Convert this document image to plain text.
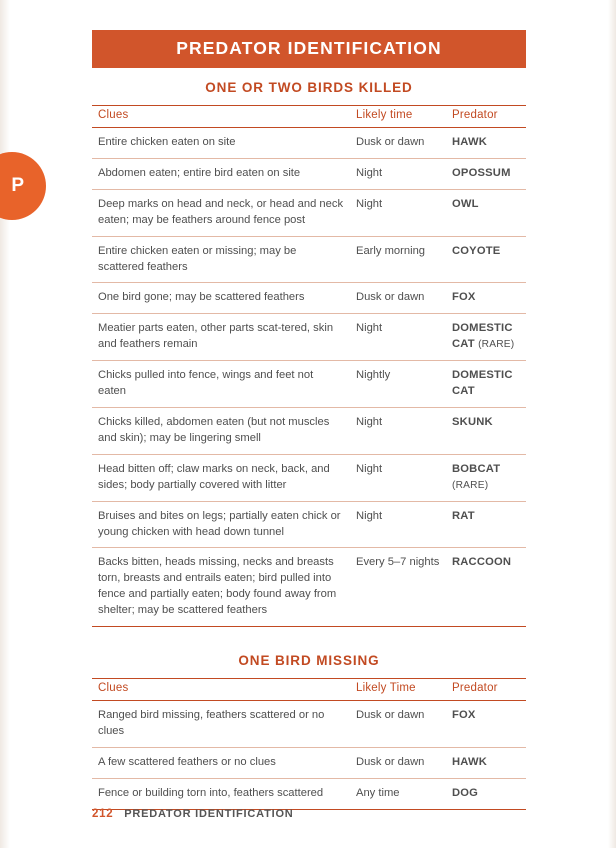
P
PREDATOR IDENTIFICATION
ONE OR TWO BIRDS KILLED
Clues	Likely time	Predator
Entire chicken eaten on site	Dusk or dawn	HAWK
Abdomen eaten; entire bird eaten on site	Night	OPOSSUM
Deep marks on head and neck, or head and neck eaten; may be feathers around fence post	Night	OWL
Entire chicken eaten or missing; may be scattered feathers	Early morning	COYOTE
One bird gone; may be scattered feathers	Dusk or dawn	FOX
Meatier parts eaten, other parts scat-tered, skin and feathers remain	Night	DOMESTIC CAT (RARE)
Chicks pulled into fence, wings and feet not eaten	Nightly	DOMESTIC CAT
Chicks killed, abdomen eaten (but not muscles and skin); may be lingering smell	Night	SKUNK
Head bitten off; claw marks on neck, back, and sides; body partially covered with litter	Night	BOBCAT (RARE)
Bruises and bites on legs; partially eaten chick or young chicken with head down tunnel	Night	RAT
Backs bitten, heads missing, necks and breasts torn, breasts and entrails eaten; bird pulled into fence and partially eaten; body found away from shelter; may be scattered feathers	Every 5–7 nights	RACCOON
ONE BIRD MISSING
Clues	Likely Time	Predator
Ranged bird missing, feathers scattered or no clues	Dusk or dawn	FOX
A few scattered feathers or no clues	Dusk or dawn	HAWK
Fence or building torn into, feathers scattered	Any time	DOG
212 PREDATOR IDENTIFICATION
